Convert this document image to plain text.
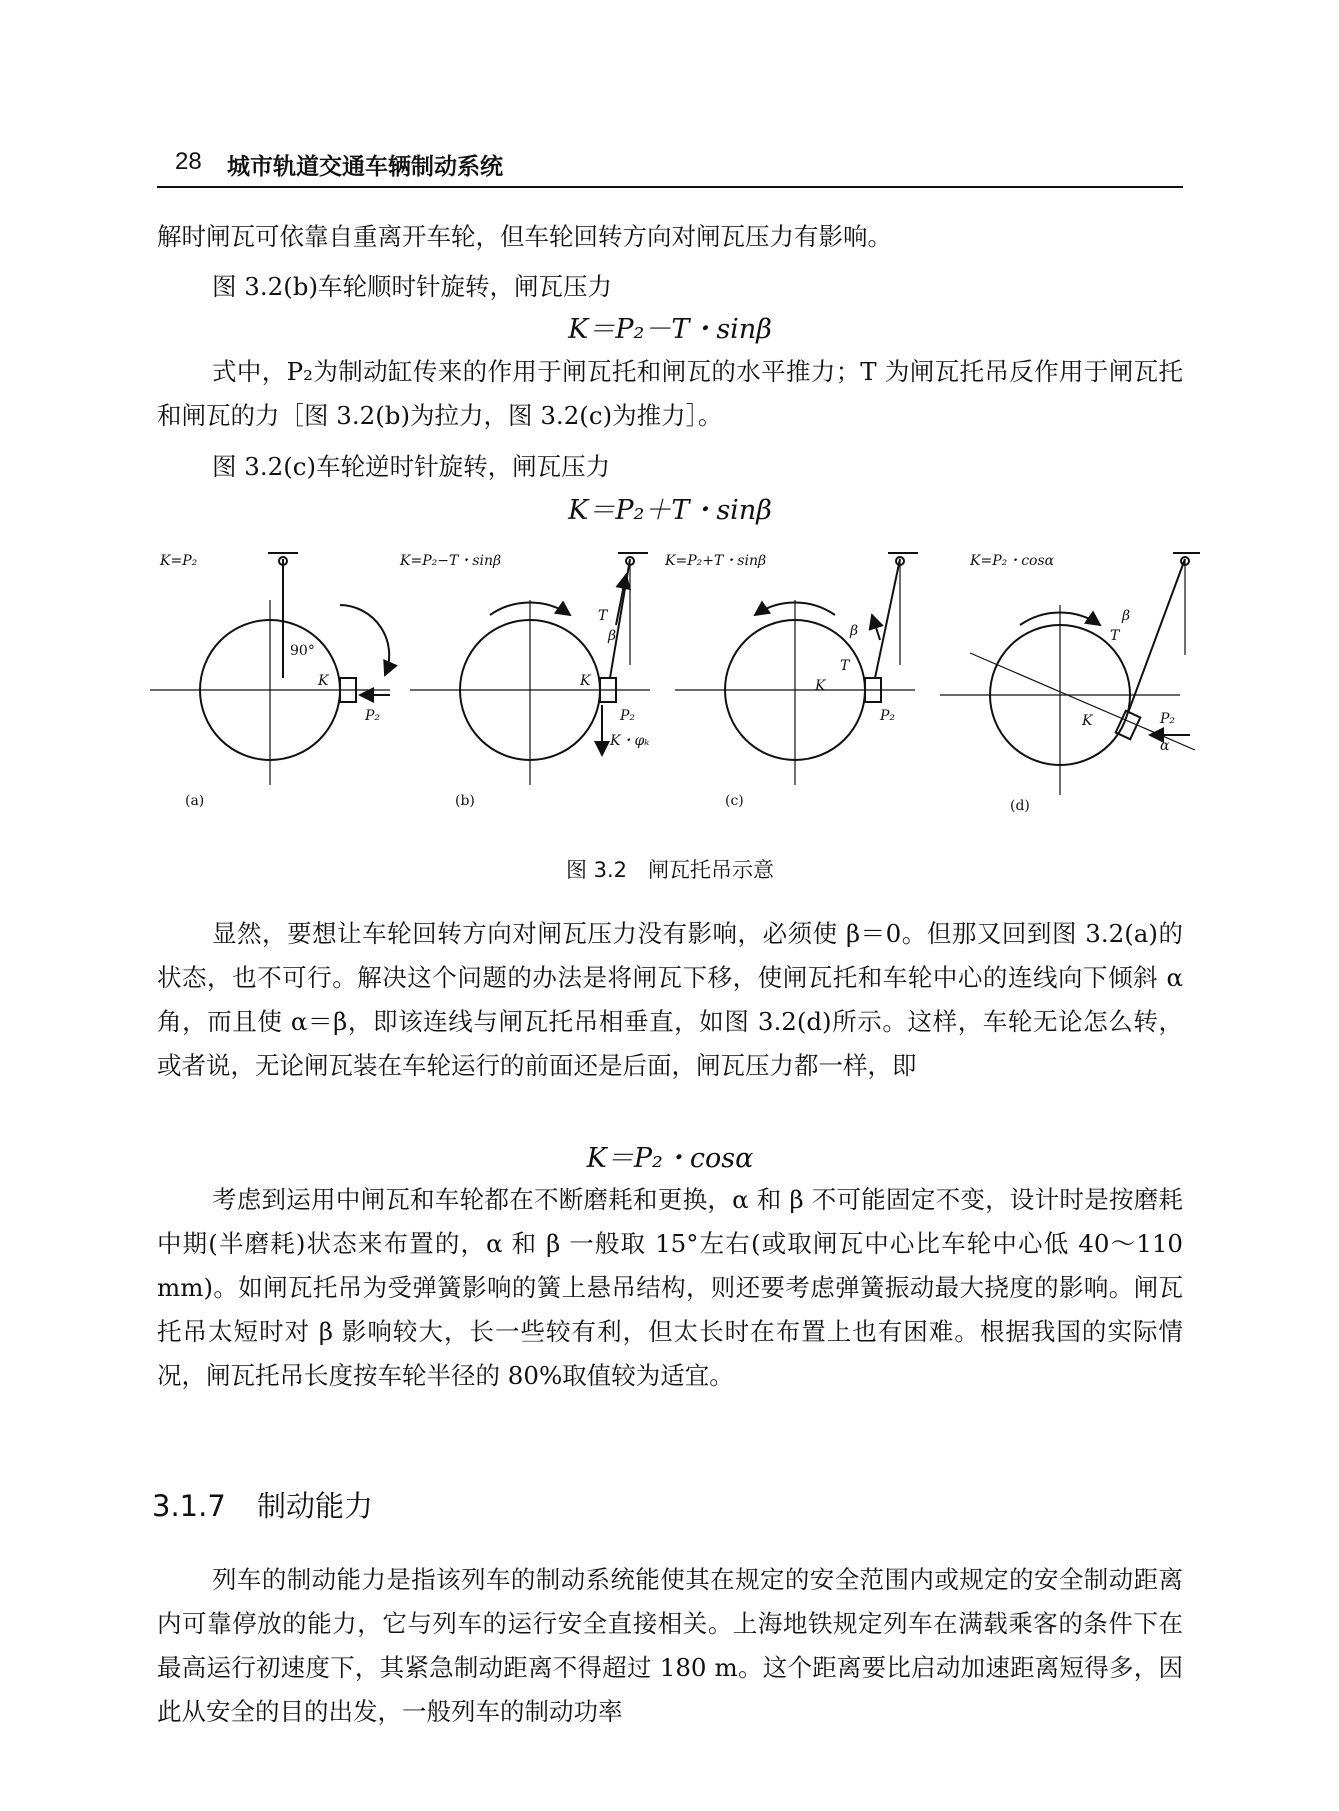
28 城市轨道交通车辆制动系统

解时闸瓦可依靠自重离开车轮，但车轮回转方向对闸瓦压力有影响。

图 3.2(b)车轮顺时针旋转，闸瓦压力

K＝P₂－T・sinβ

式中，P₂为制动缸传来的作用于闸瓦托和闸瓦的水平推力；T 为闸瓦托吊反作用于闸瓦托和闸瓦的力［图 3.2(b)为拉力，图 3.2(c)为推力］。

图 3.2(c)车轮逆时针旋转，闸瓦压力

K＝P₂＋T・sinβ
K=P₂
90°
K
P₂
(a)
K=P₂−T・sinβ
T
β
K
P₂
K・φₖ
(b)
K=P₂+T・sinβ
β
T
K
P₂
(c)
K=P₂・cosα
T
β
K	P₂
α
(d)
图 3.2　闸瓦托吊示意

显然，要想让车轮回转方向对闸瓦压力没有影响，必须使 β＝0。但那又回到图 3.2(a)的状态，也不可行。解决这个问题的办法是将闸瓦下移，使闸瓦托和车轮中心的连线向下倾斜 α 角，而且使 α＝β，即该连线与闸瓦托吊相垂直，如图 3.2(d)所示。这样，车轮无论怎么转，或者说，无论闸瓦装在车轮运行的前面还是后面，闸瓦压力都一样，即

K＝P₂・cosα

考虑到运用中闸瓦和车轮都在不断磨耗和更换，α 和 β 不可能固定不变，设计时是按磨耗中期(半磨耗)状态来布置的，α 和 β 一般取 15°左右(或取闸瓦中心比车轮中心低 40～110 mm)。如闸瓦托吊为受弹簧影响的簧上悬吊结构，则还要考虑弹簧振动最大挠度的影响。闸瓦托吊太短时对 β 影响较大，长一些较有利，但太长时在布置上也有困难。根据我国的实际情况，闸瓦托吊长度按车轮半径的 80%取值较为适宜。

3.1.7 制动能力

列车的制动能力是指该列车的制动系统能使其在规定的安全范围内或规定的安全制动距离内可靠停放的能力，它与列车的运行安全直接相关。上海地铁规定列车在满载乘客的条件下在最高运行初速度下，其紧急制动距离不得超过 180 m。这个距离要比启动加速距离短得多，因此从安全的目的出发，一般列车的制动功率
